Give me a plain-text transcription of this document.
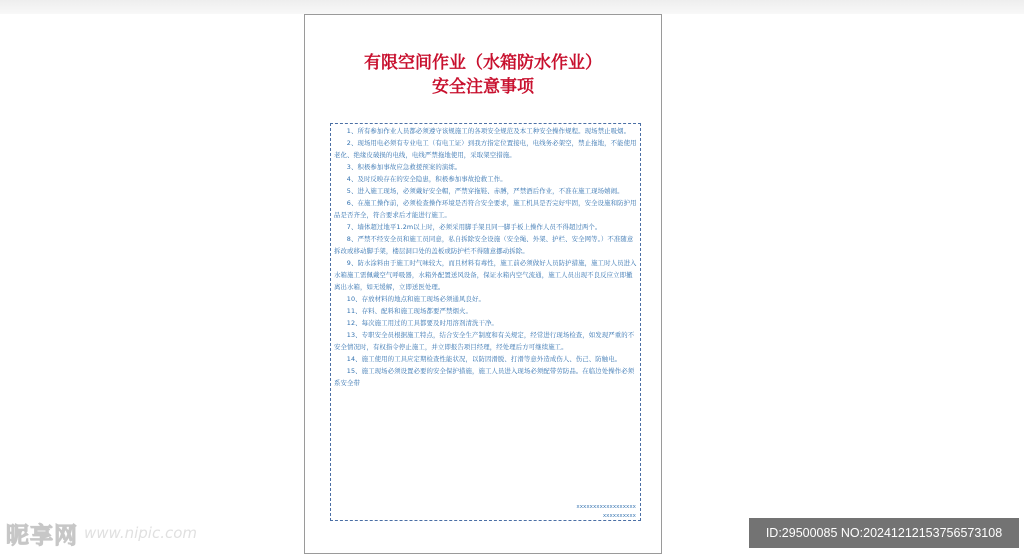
有限空间作业（水箱防水作业）
安全注意事项

1、所有参加作业人员都必须遵守该规施工的各项安全规范及本工种安全操作规程。现场禁止吸烟。

2、现场用电必须有专业电工（有电工证）到我方指定位置接电，电线务必架空，禁止拖地，不能使用老化、绝缘皮破损的电线，电线严禁拖地使用，采取架空措施。

3、积极参加事故应急救援预案的演练。

4、及时反映存在的安全隐患，积极参加事故抢救工作。

5、进入施工现场，必须戴好安全帽，严禁穿拖鞋、赤膊，严禁酒后作业，不准在施工现场嬉闹。

6、在施工操作前，必须检查操作环境是否符合安全要求，施工机具是否完好牢固，安全设施和防护用品是否齐全，符合要求后才能进行施工。

7、墙体超过地平1.2m以上时，必须采用脚手架且同一脚手板上操作人员不得超过两个。

8、严禁不经安全员和施工员同意，私自拆除安全设施（安全绳、外架、护栏、安全网等。）不准随意拆改或移动脚手架，楼层洞口处的盖板或防护栏不得随意挪动拆除。

9、防水涂料由于施工时气味较大，而且材料有毒性，施工前必须做好人员防护措施，施工时人员进入水箱施工需佩戴空气呼吸器，水箱外配置送风设备，保证水箱内空气流通，施工人员出现不良反应立即撤离出水箱，如无缓解，立即送医处理。

10、存放材料的地点和施工现场必须通风良好。

11、存料、配料和施工现场都要严禁烟火。

12、每次施工用过的工具都要及时用溶剂清洗干净。

13、专职安全员根据施工特点，结合安全生产制度和有关规定，经常进行现场检查，如发现严重的不安全情况时，有权指令停止施工，并立即报告项目经理，经处理后方可继续施工。

14、施工使用的工具应定期检查性能状况，以防因滑脱、打滑等意外造成伤人、伤己、防触电。

15、施工现场必须设置必要的安全保护措施，施工人员进入现场必须配带劳防品。在临边处操作必须系安全带

xxxxxxxxxxxxxxxxxx
xxxxxxxxxx
昵享网 www.nipic.com	ID:29500085 NO:20241212153756573108
